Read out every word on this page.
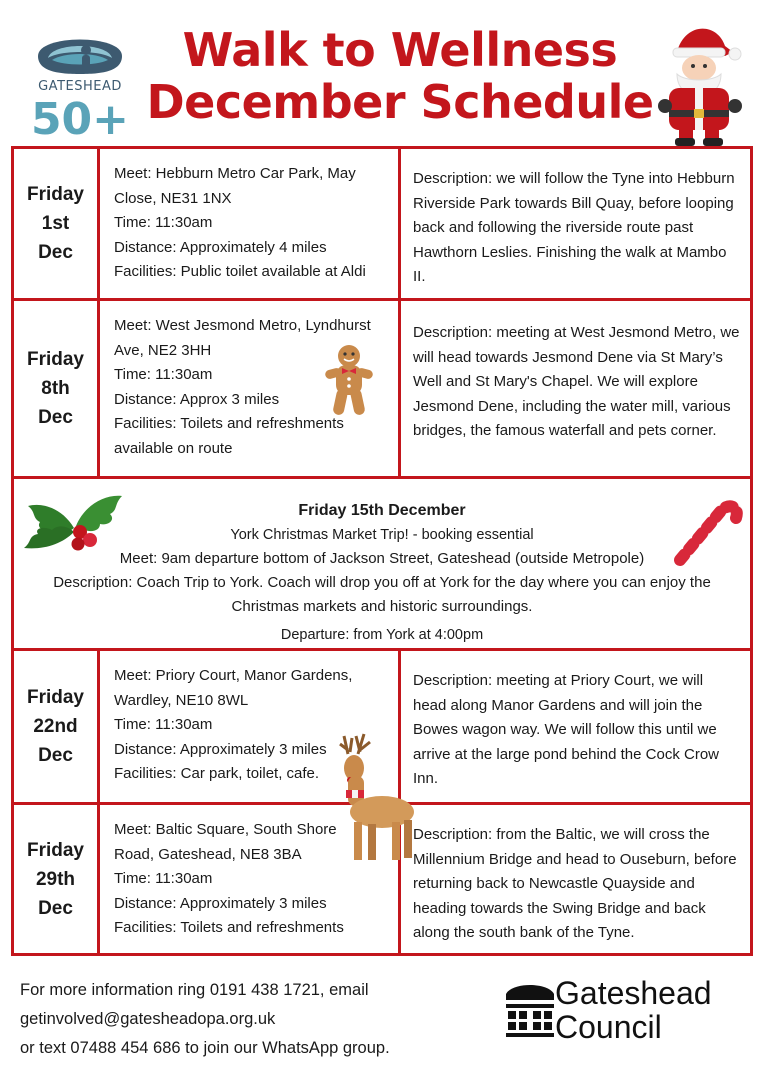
GATESHEAD
50+
Walk to Wellness
December Schedule
Friday
1st
Dec
Meet: Hebburn Metro Car Park, May
Close, NE31 1NX
Time: 11:30am
Distance: Approximately 4 miles
Facilities: Public toilet available at Aldi
Description: we will follow the Tyne into Hebburn Riverside Park towards Bill Quay, before looping back and following the riverside route past Hawthorn Leslies. Finishing the walk at Mambo II.
Friday
8th
Dec
Meet: West Jesmond Metro, Lyndhurst
Ave, NE2 3HH
Time: 11:30am
Distance: Approx 3 miles
Facilities: Toilets and refreshments
available on route
Description: meeting at West Jesmond Metro, we will head towards Jesmond Dene via St Mary’s Well and St Mary's Chapel. We will explore Jesmond Dene, including the water mill, various bridges, the famous waterfall and pets corner.
Friday 15th December
York Christmas Market Trip! - booking essential
Meet: 9am departure bottom of Jackson Street, Gateshead (outside Metropole)
Description: Coach Trip to York. Coach will drop you off at York for the day where you can enjoy the Christmas markets and historic surroundings.
Departure: from York at 4:00pm
Friday
22nd
Dec
Meet: Priory Court, Manor Gardens,
Wardley, NE10 8WL
Time: 11:30am
Distance: Approximately 3 miles
Facilities: Car park, toilet, cafe.
Description: meeting at Priory Court, we will head along Manor Gardens and will join the Bowes wagon way. We will follow this until we arrive at the large pond behind the Cock Crow Inn.
Friday
29th
Dec
Meet: Baltic Square, South Shore
Road, Gateshead, NE8 3BA
Time: 11:30am
Distance: Approximately 3 miles
Facilities: Toilets and refreshments
Description: from the Baltic, we will cross the Millennium Bridge and head to Ouseburn, before returning back to Newcastle Quayside and heading towards the Swing Bridge and back along the south bank of the Tyne.
For more information ring 0191 438 1721, email
getinvolved@gatesheadopa.org.uk
or text 07488 454 686 to join our WhatsApp group.
Gateshead
Council
